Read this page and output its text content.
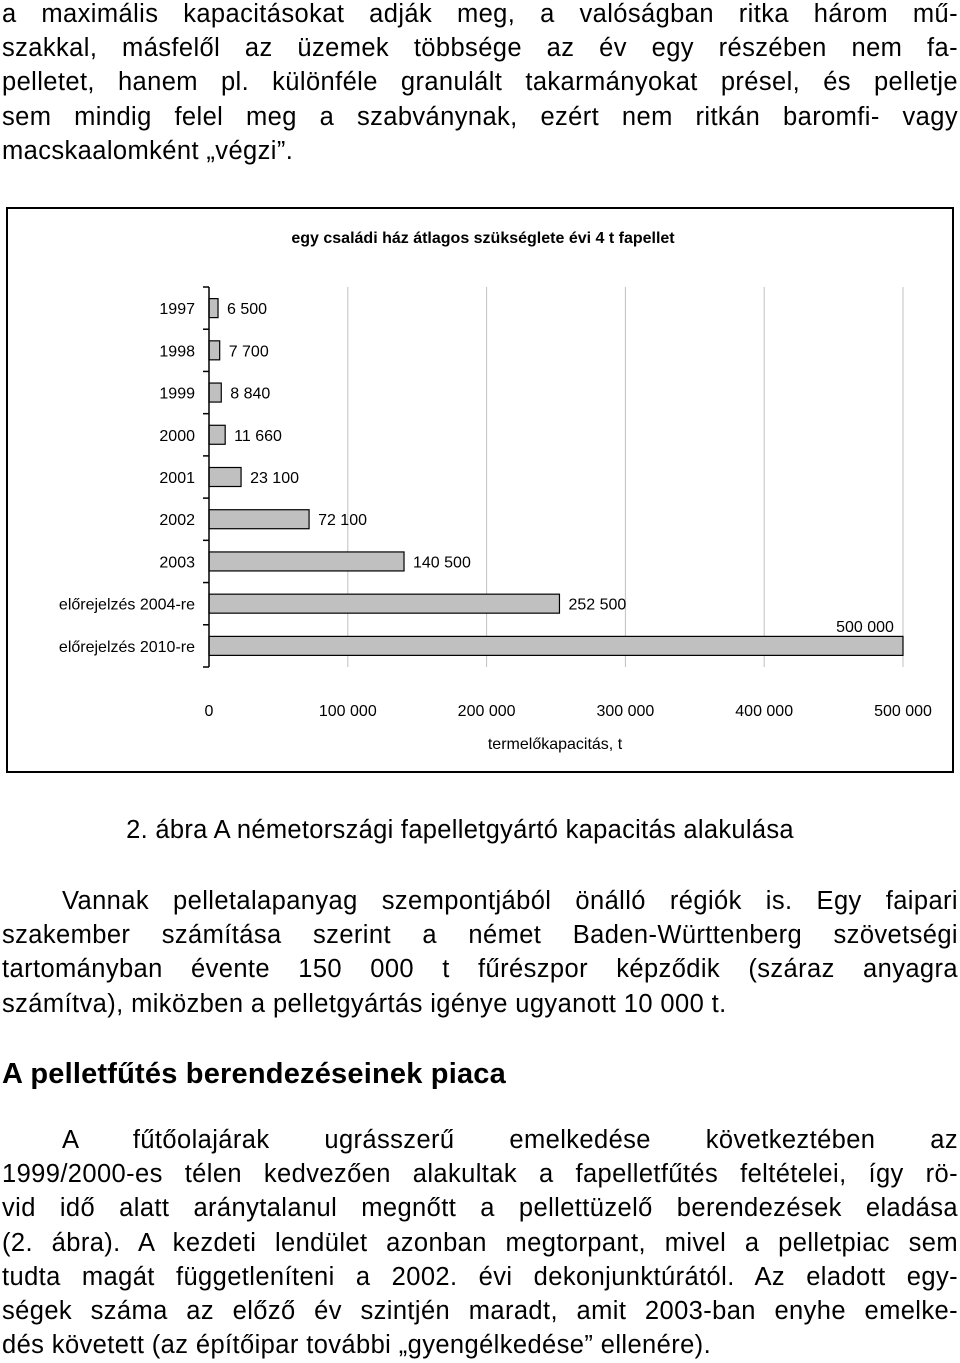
a maximális kapacitásokat adják meg, a valóságban ritka három mű-
szakkal, másfelől az üzemek többsége az év egy részében nem fa-
pelletet, hanem pl. különféle granulált takarmányokat présel, és pelletje
sem mindig felel meg a szabványnak, ezért nem ritkán baromfi- vagy
macskaalomként „végzi”.
egy családi ház átlagos szükséglete évi 4 t fapellet
1997 6 500
1998 7 700
1999 8 840
2000 11 660
2001	23 100
2002	72 100
2003	140 500
előrejelzés 2004-re	252 500
előrejelzés 2010-re
500 000
0	100 000	200 000	300 000	400 000	500 000
termelőkapacitás, t

2. ábra A németországi fapelletgyártó kapacitás alakulása

Vannak pelletalapanyag szempontjából önálló régiók is. Egy faipari
szakember számítása szerint a német Baden-Württenberg szövetségi
tartományban évente 150 000 t fűrészpor képződik (száraz anyagra
számítva), miközben a pelletgyártás igénye ugyanott 10 000 t.
A pelletfűtés berendezéseinek piaca
A fűtőolajárak ugrásszerű emelkedése következtében az
1999/2000-es télen kedvezően alakultak a fapelletfűtés feltételei, így rö-
vid idő alatt aránytalanul megnőtt a pellettüzelő berendezések eladása
(2. ábra). A kezdeti lendület azonban megtorpant, mivel a pelletpiac sem
tudta magát függetleníteni a 2002. évi dekonjunktúrától. Az eladott egy-
ségek száma az előző év szintjén maradt, amit 2003-ban enyhe emelke-
dés követett (az építőipar további „gyengélkedése” ellenére).
